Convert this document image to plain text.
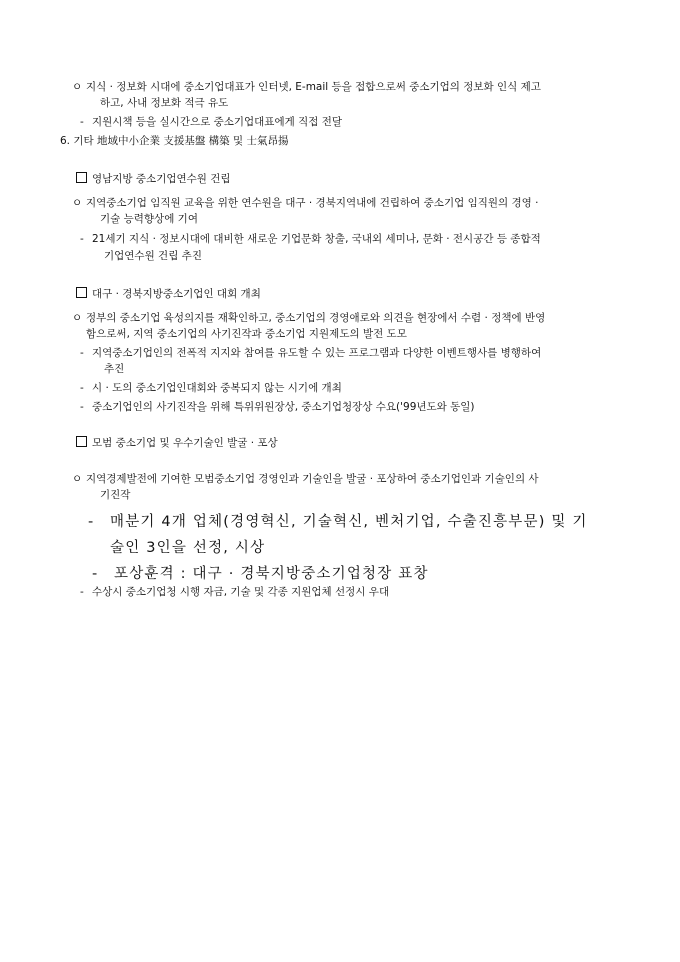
ㅇ 지식 · 정보화 시대에 중소기업대표가 인터넷, E-mail 등을 접합으로써 중소기업의 정보화 인식 제고
하고, 사내 정보화 적극 유도
- 지원시책 등을 실시간으로 중소기업대표에게 직접 전달
6. 기타 地域中小企業 支援基盤 構築 및 士氣昂揚
영남지방 중소기업연수원 건립
ㅇ 지역중소기업 임직원 교육을 위한 연수원을 대구 · 경북지역내에 건립하여 중소기업 임직원의 경영 ·
기술 능력향상에 기여
- 21세기 지식 · 정보시대에 대비한 새로운 기업문화 창출, 국내외 세미나, 문화 · 전시공간 등 종합적
기업연수원 건립 추진
대구 · 경북지방중소기업인 대회 개최
ㅇ 정부의 중소기업 육성의지를 재확인하고, 중소기업의 경영애로와 의견을 현장에서 수렴 · 정책에 반영
함으로써, 지역 중소기업의 사기진작과 중소기업 지원제도의 발전 도모
- 지역중소기업인의 전폭적 지지와 참여를 유도할 수 있는 프로그램과 다양한 이벤트행사를 병행하여
추진
- 시 · 도의 중소기업인대회와 중복되지 않는 시기에 개최
- 중소기업인의 사기진작을 위해 특위위원장상, 중소기업청장상 수요('99년도와 동일)
모범 중소기업 및 우수기술인 발굴 · 포상
ㅇ 지역경제발전에 기여한 모범중소기업 경영인과 기술인을 발굴 · 포상하여 중소기업인과 기술인의 사
기진작
- 매분기 4개 업체(경영혁신, 기술혁신, 벤처기업, 수출진흥부문) 및 기
술인 3인을 선정, 시상
- 포상훈격 : 대구 · 경북지방중소기업청장 표창
- 수상시 중소기업청 시행 자금, 기술 및 각종 지원업체 선정시 우대
